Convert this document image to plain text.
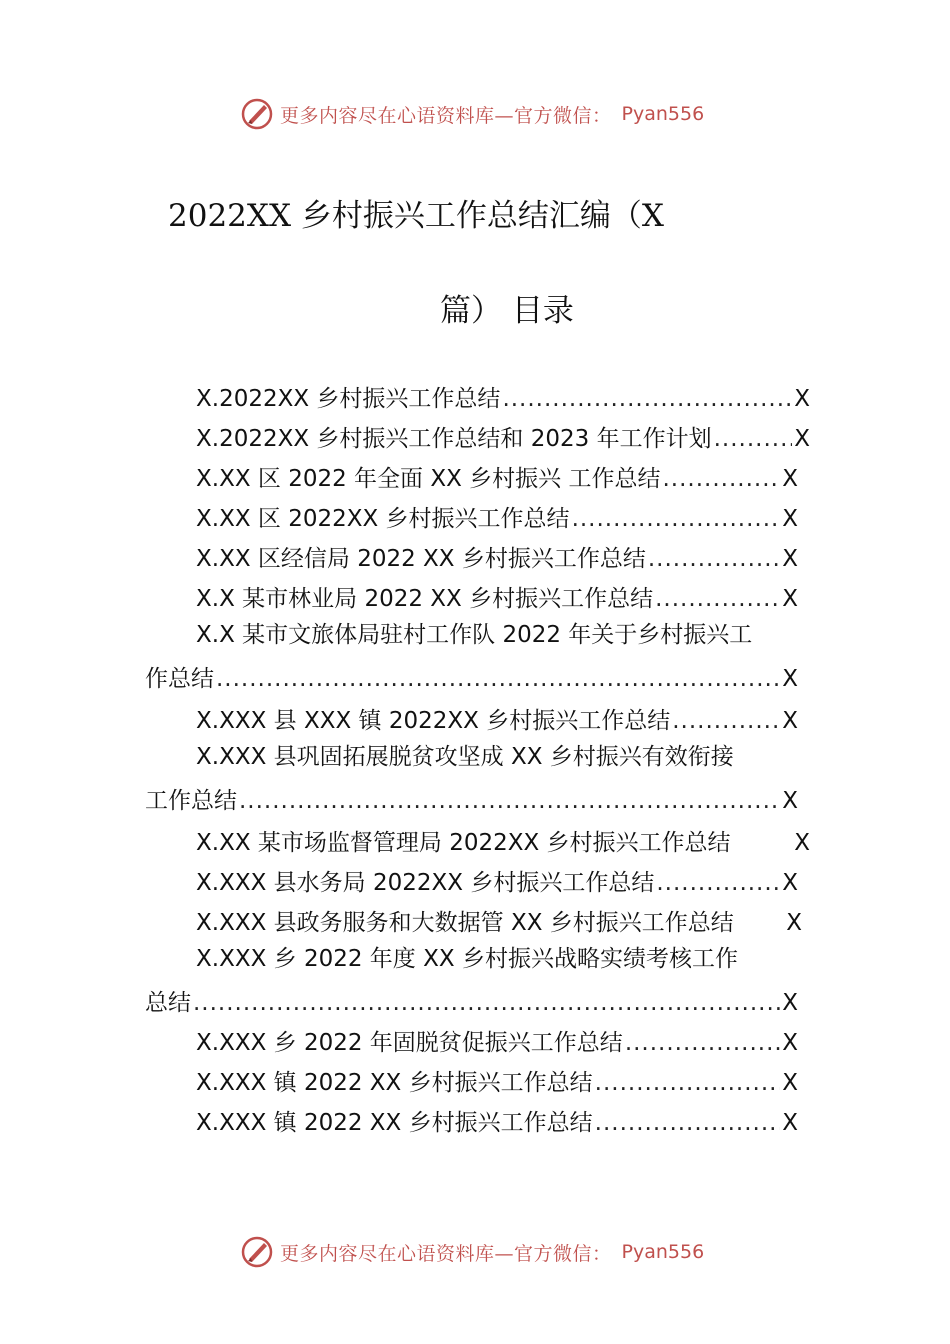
更多内容尽在心语资料库—官方微信： Pyan556
2022XX 乡村振兴工作总结汇编（X
篇） 目录
X.2022XX 乡村振兴工作总结 .....	X
X.2022XX 乡村振兴工作总结和 2023 年工作计划 .....	X
X.XX 区 2022 年全面 XX 乡村振兴 工作总结 .....	X
X.XX 区 2022XX 乡村振兴工作总结 .....	X
X.XX 区经信局 2022 XX 乡村振兴工作总结 .....	X
X.X 某市林业局 2022 XX 乡村振兴工作总结 .....	X
X.X 某市文旅体局驻村工作队 2022 年关于乡村振兴工
作总结 .....	X
X.XXX 县 XXX 镇 2022XX 乡村振兴工作总结 .....	X
X.XXX 县巩固拓展脱贫攻坚成 XX 乡村振兴有效衔接
工作总结 .....	X
X.XX 某市场监督管理局 2022XX 乡村振兴工作总结	X
X.XXX 县水务局 2022XX 乡村振兴工作总结 .....	X
X.XXX 县政务服务和大数据管 XX 乡村振兴工作总结 X
X.XXX 乡 2022 年度 XX 乡村振兴战略实绩考核工作
总结 .....	X
X.XXX 乡 2022 年固脱贫促振兴工作总结 .....	X
X.XXX 镇 2022 XX 乡村振兴工作总结 .....	X
X.XXX 镇 2022 XX 乡村振兴工作总结 .....	X
更多内容尽在心语资料库—官方微信： Pyan556
